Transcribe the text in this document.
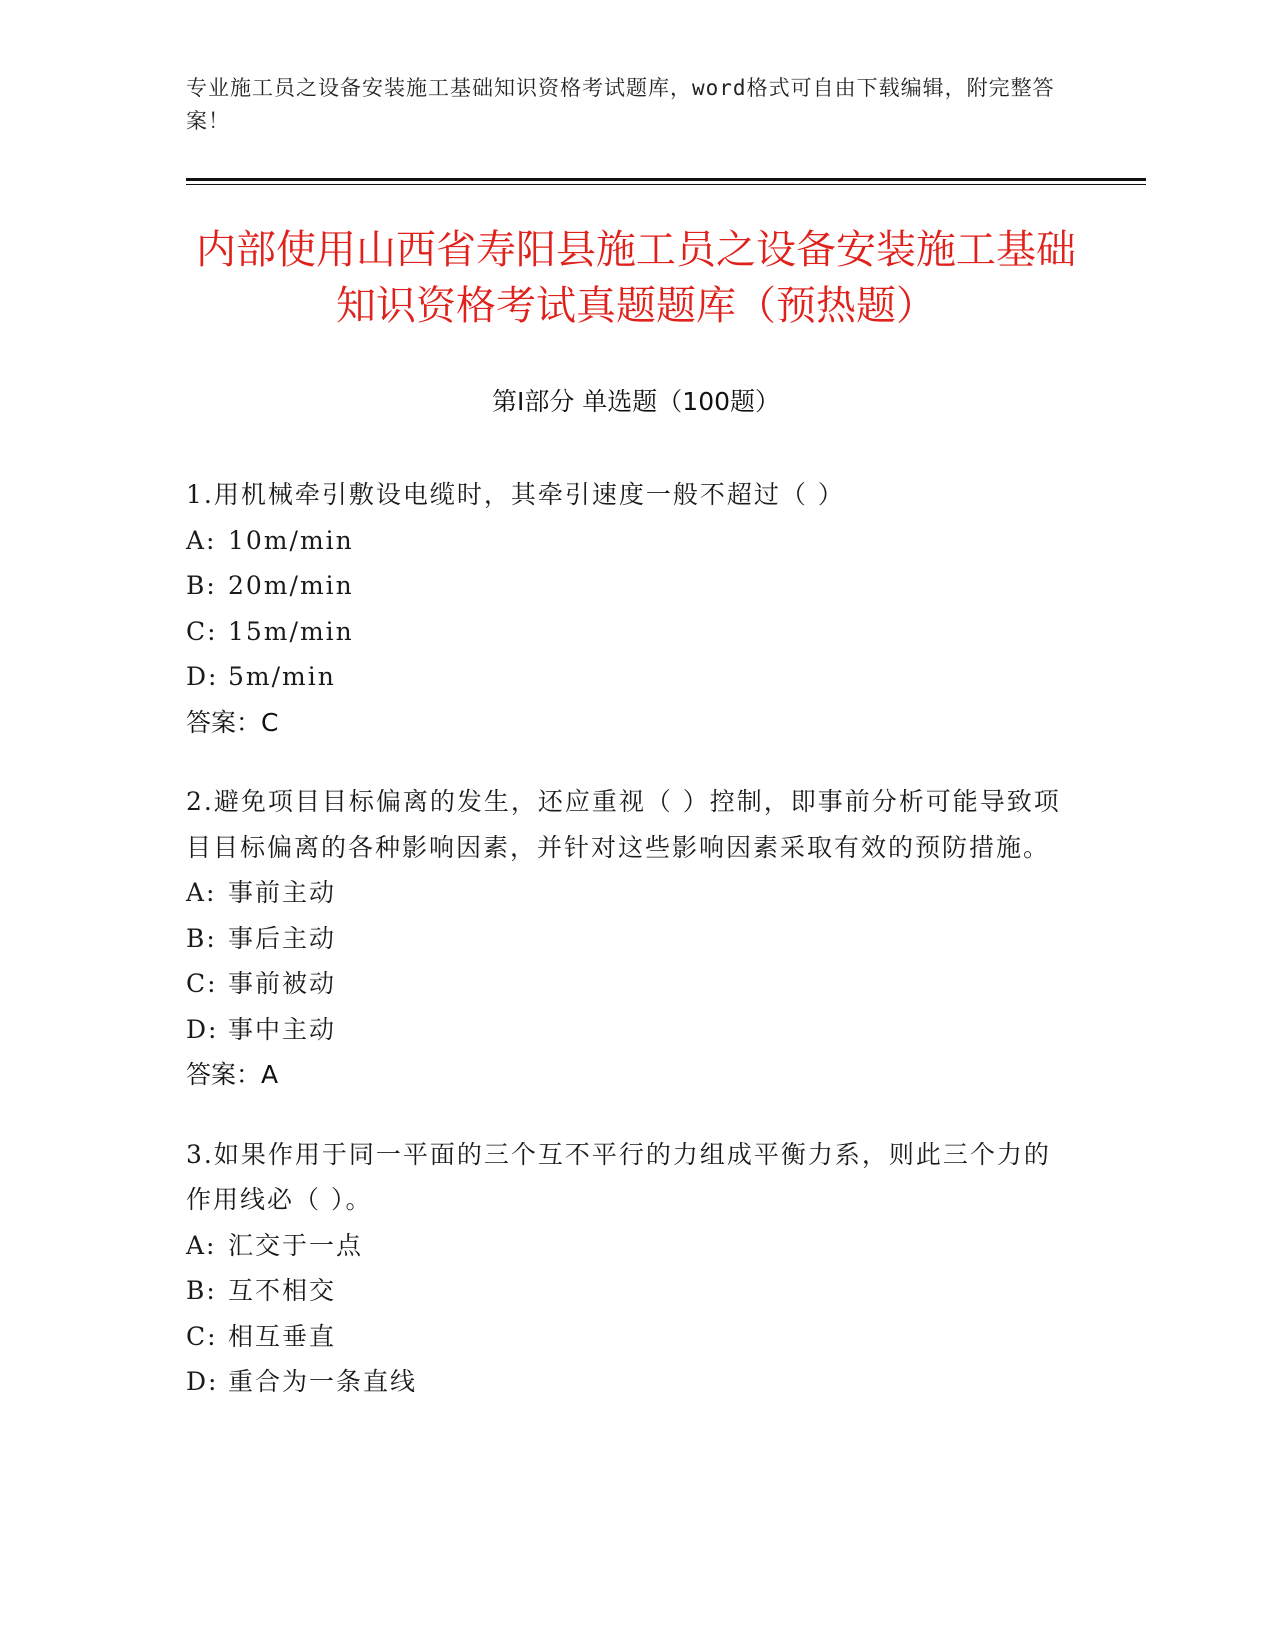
专业施工员之设备安装施工基础知识资格考试题库，word格式可自由下载编辑，附完整答案！
内部使用山西省寿阳县施工员之设备安装施工基础知识资格考试真题题库（预热题）
第Ⅰ部分 单选题（100题）
1.用机械牵引敷设电缆时，其牵引速度一般不超过（ ）
A: 10m/min
B: 20m/min
C: 15m/min
D: 5m/min
答案：C
2.避免项目目标偏离的发生，还应重视（ ）控制，即事前分析可能导致项目目标偏离的各种影响因素，并针对这些影响因素采取有效的预防措施。
A: 事前主动
B: 事后主动
C: 事前被动
D: 事中主动
答案：A
3.如果作用于同一平面的三个互不平行的力组成平衡力系，则此三个力的作用线必（ ）。
A: 汇交于一点
B: 互不相交
C: 相互垂直
D: 重合为一条直线
